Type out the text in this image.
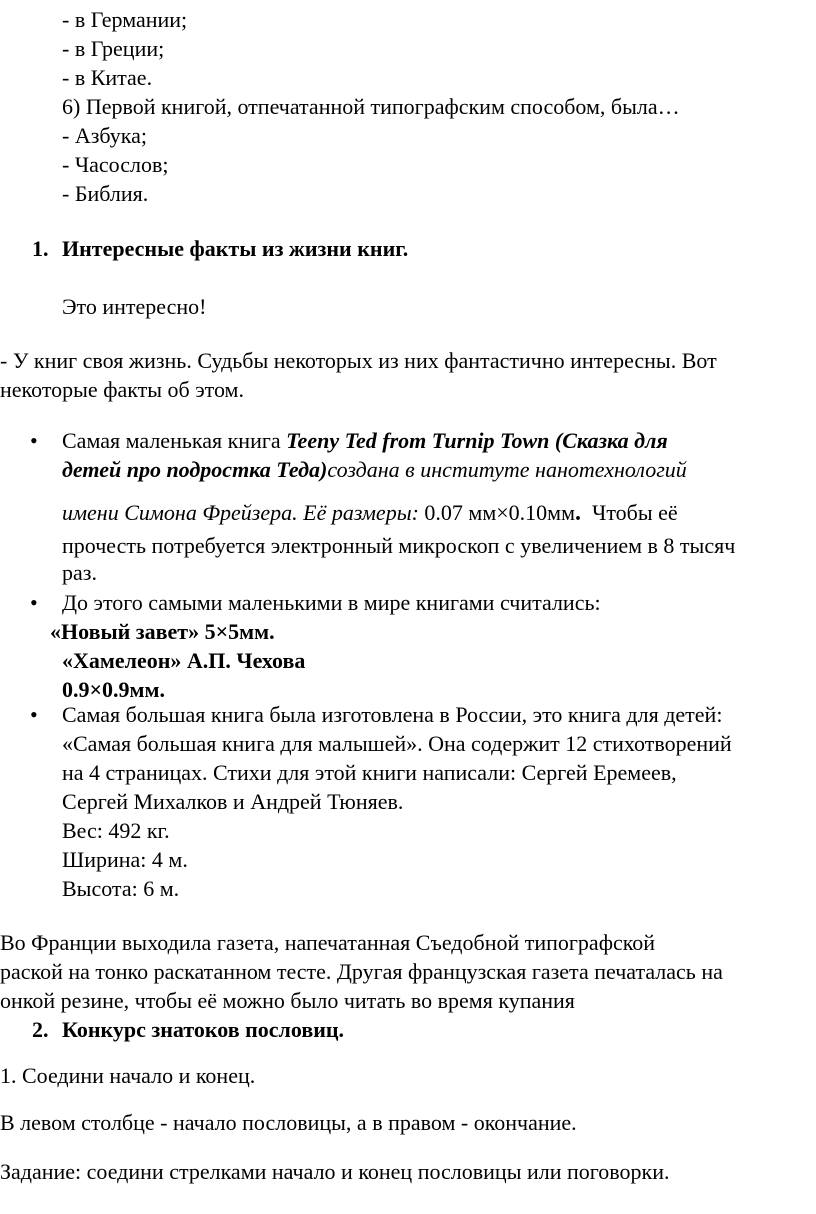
- в Германии;
- в Греции;
- в Китае.
6) Первой книгой, отпечатанной типографским способом, была…
- Азбука;
- Часослов;
- Библия.
1. Интересные факты из жизни книг.
Это интересно!
- У книг своя жизнь. Судьбы некоторых из них фантастично интересны. Вот
некоторые факты об этом.
• Самая маленькая книга Teeny Ted from Turnip Town (Сказка для
детей про подростка Теда)создана в институте нанотехнологий
имени Симона Фрейзера. Её размеры: 0.07 мм×0.10мм.  Чтобы её
прочесть потребуется электронный микроскоп с увеличением в 8 тысяч
раз.
• До этого самыми маленькими в мире книгами считались:
«Новый завет» 5×5мм.
«Хамелеон» А.П. Чехова
0.9×0.9мм.
• Самая большая книга была изготовлена в России, это книга для детей:
«Самая большая книга для малышей». Она содержит 12 стихотворений
на 4 страницах. Стихи для этой книги написали: Сергей Еремеев,
Сергей Михалков и Андрей Тюняев.
Вес: 492 кг.
Ширина: 4 м.
Высота: 6 м.
Во Франции выходила газета, напечатанная Съедобной типографской
раской на тонко раскатанном тесте. Другая французская газета печаталась на
онкой резине, чтобы её можно было читать во время купания
2. Конкурс знатоков пословиц.
1. Соедини начало и конец.
В левом столбце - начало пословицы, а в правом - окончание.
Задание: соедини стрелками начало и конец пословицы или поговорки.
